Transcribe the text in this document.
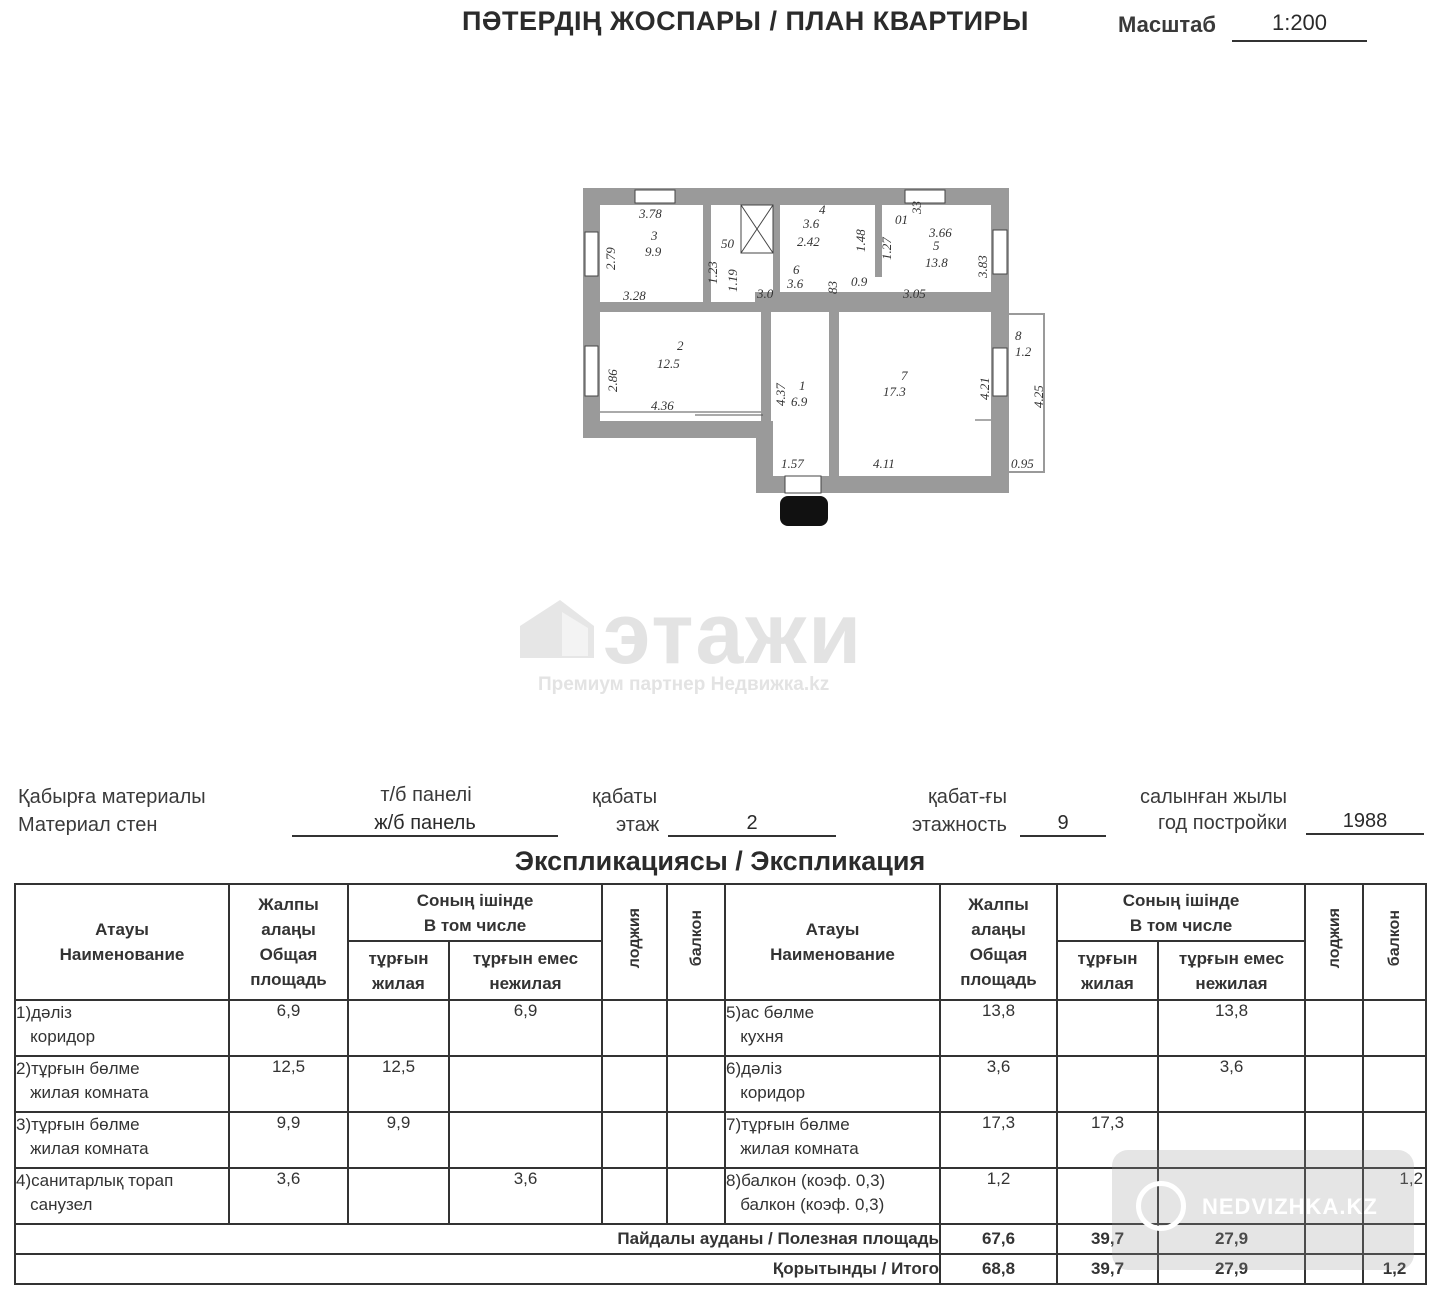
ПӘТЕРДІҢ ЖОСПАРЫ / ПЛАН КВАРТИРЫ	Масштаб	1:200
3.78
3
9.9
2.79
3.28
4
3.6
2.42	1.48 1.27
33
01
3.66
5
13.8 3.83
50
1.23 1.19	6
3.6
3.0	83 0.9
3.05
2
12.5
2.86
4.36
1
6.9
4.37
7
17.3	4.21
8
1.2
4.25
1.57	4.11	0.95
этажи
Премиум партнер Недвижка.kz
Қабырға материалы
Материал стен
т/б панелі
ж/б панель
қабаты
этаж	2
қабат-ғы
этажность	9
салынған жылы
год постройки	1988
Экспликациясы / Экспликация
Атауы
Наименование	Жалпы
алаңы
Общая
площадь	Соның ішінде
В том числе		лоджия	балкон	Атауы
Наименование	Жалпы
алаңы
Общая
площадь	Соның ішінде
В том числе		лоджия	балкон
		тұрғын
жилая	тұрғын емес
нежилая					тұрғын
жилая	тұрғын емес
нежилая		
1)дәліз
коридор	6,9		6,9			5)ас бөлме
кухня	13,8		13,8		
2)тұрғын бөлме
жилая комната	12,5	12,5				6)дәліз
коридор	3,6		3,6		
3)тұрғын бөлме
жилая комната	9,9	9,9				7)тұрғын бөлме
жилая комната	17,3	17,3			
4)санитарлық торап
санузел	3,6		3,6			8)балкон (коэф. 0,3)
балкон (коэф. 0,3)	1,2				1,2
Пайдалы ауданы / Полезная площадь							67,6	39,7	27,9		
Қорытынды / Итого							68,8	39,7	27,9		1,2
NEDVIZHKA.KZ
